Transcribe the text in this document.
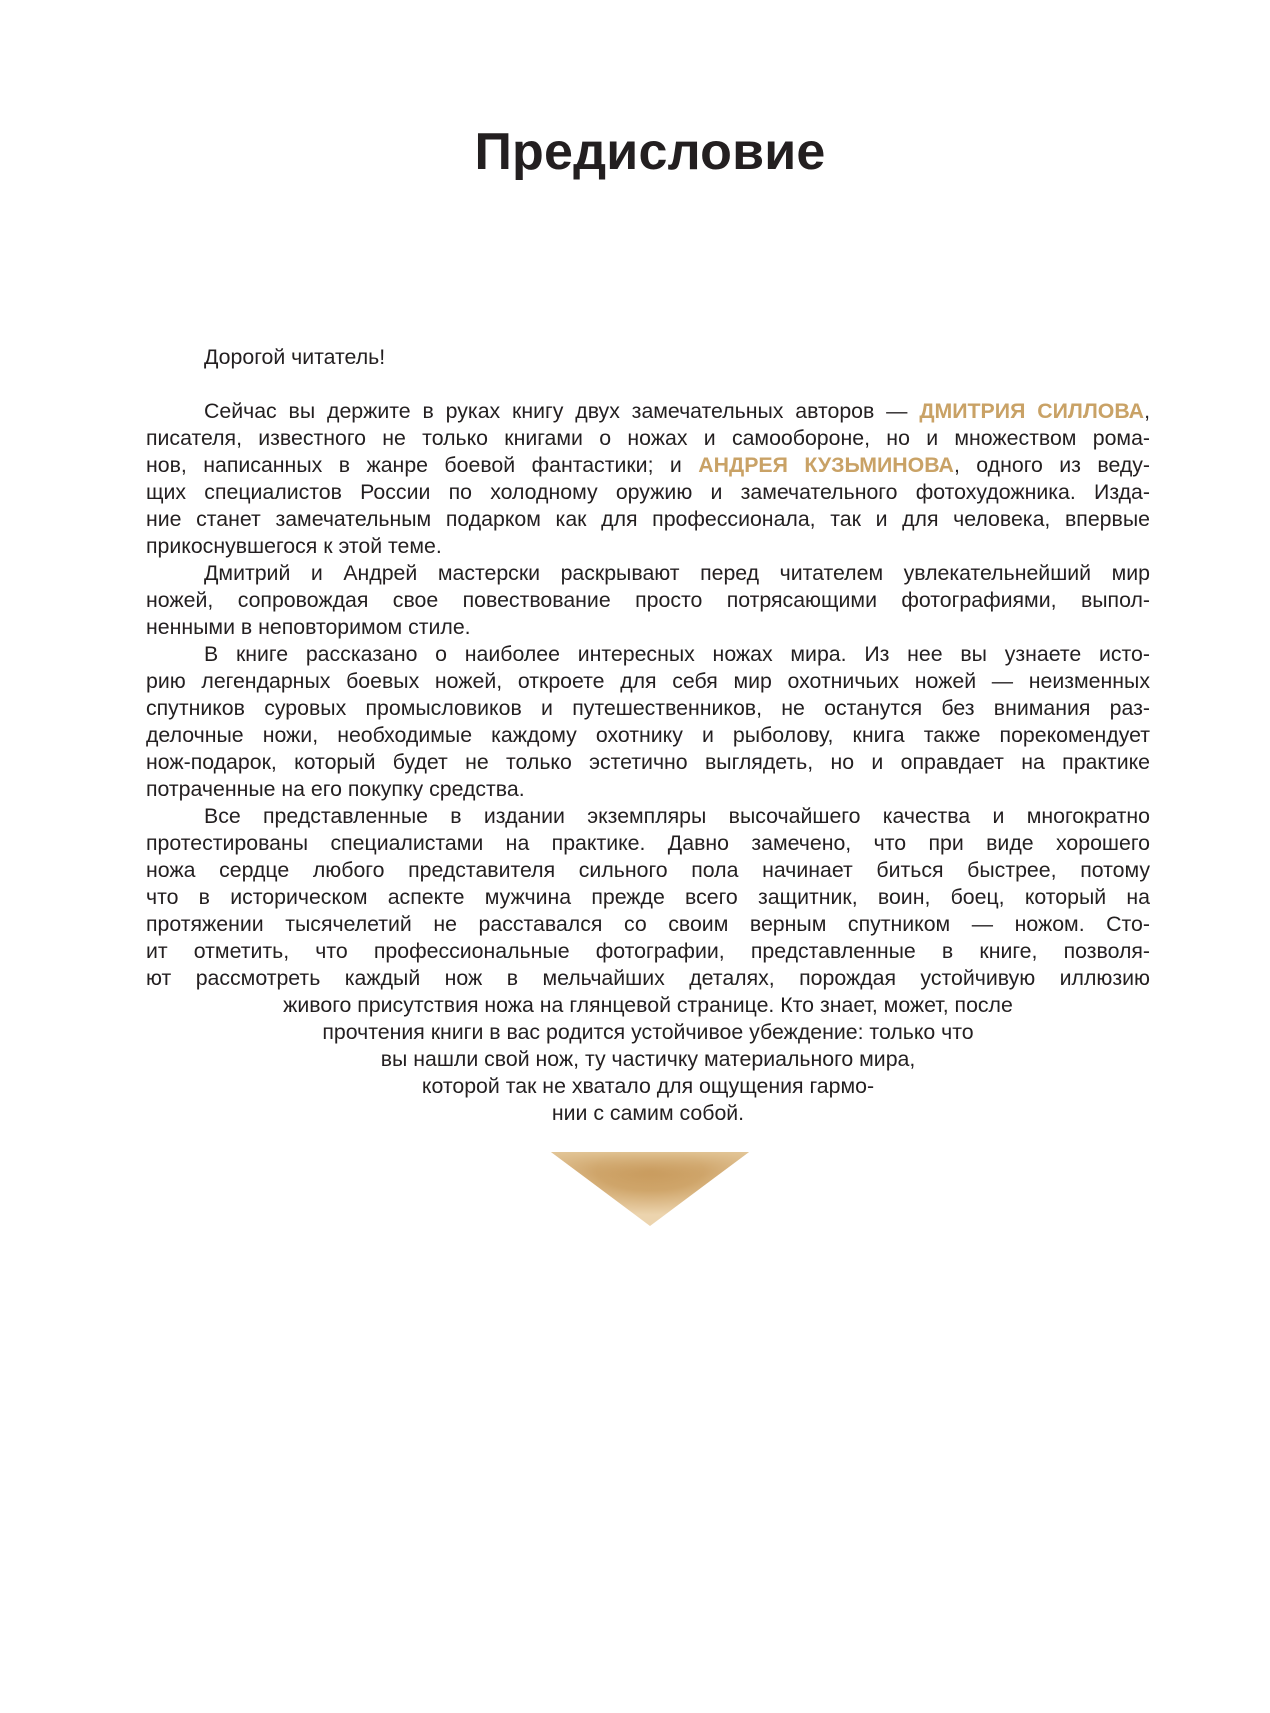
Предисловие
Дорогой читатель!
Сейчас вы держите в руках книгу двух замечательных авторов — ДМИТРИЯ СИЛЛОВА,
писателя, известного не только книгами о ножах и самообороне, но и множеством рома-
нов, написанных в жанре боевой фантастики; и АНДРЕЯ КУЗЬМИНОВА, одного из веду-
щих специалистов России по холодному оружию и замечательного фотохудожника. Изда-
ние станет замечательным подарком как для профессионала, так и для человека, впервые
прикоснувшегося к этой теме.
Дмитрий и Андрей мастерски раскрывают перед читателем увлекательнейший мир
ножей, сопровождая свое повествование просто потрясающими фотографиями, выпол-
ненными в неповторимом стиле.
В книге рассказано о наиболее интересных ножах мира. Из нее вы узнаете исто-
рию легендарных боевых ножей, откроете для себя мир охотничьих ножей — неизменных
спутников суровых промысловиков и путешественников, не останутся без внимания раз-
делочные ножи, необходимые каждому охотнику и рыболову, книга также порекомендует
нож-подарок, который будет не только эстетично выглядеть, но и оправдает на практике
потраченные на его покупку средства.
Все представленные в издании экземпляры высочайшего качества и многократно
протестированы специалистами на практике. Давно замечено, что при виде хорошего
ножа сердце любого представителя сильного пола начинает биться быстрее, потому
что в историческом аспекте мужчина прежде всего защитник, воин, боец, который на
протяжении тысячелетий не расставался со своим верным спутником — ножом. Сто-
ит отметить, что профессиональные фотографии, представленные в книге, позволя-
ют рассмотреть каждый нож в мельчайших деталях, порождая устойчивую иллюзию
живого присутствия ножа на глянцевой странице. Кто знает, может, после
прочтения книги в вас родится устойчивое убеждение: только что
вы нашли свой нож, ту частичку материального мира,
которой так не хватало для ощущения гармо-
нии с самим собой.
